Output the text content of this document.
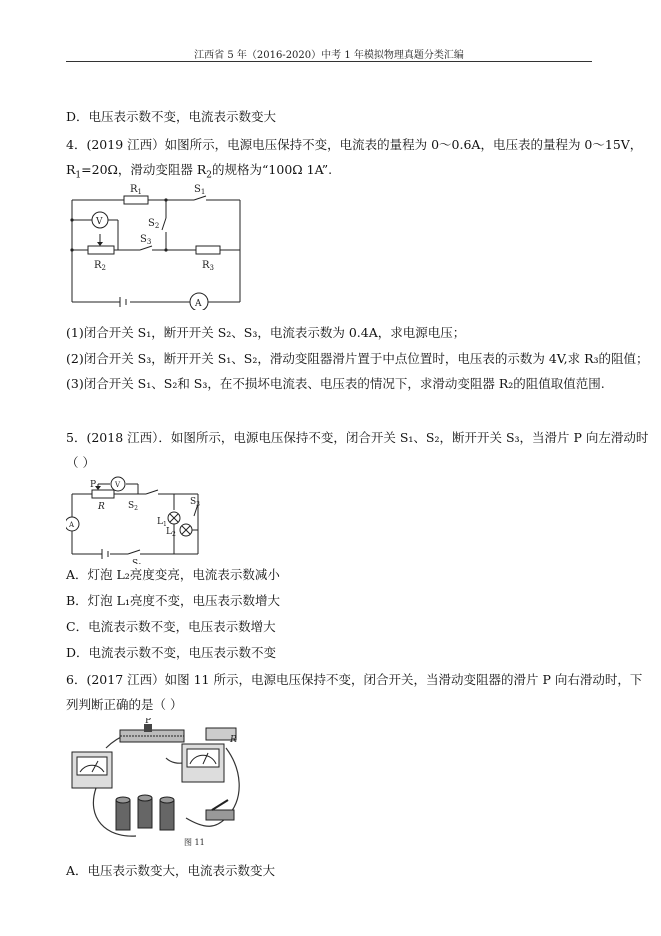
江西省 5 年（2016-2020）中考 1 年模拟物理真题分类汇编
D．电压表示数不变，电流表示数变大
4．(2019 江西）如图所示，电源电压保持不变，电流表的量程为 0～0.6A，电压表的量程为 0～15V，
$R_1=20\Omega$，滑动变阻器 $R_2$的规格为“100Ω 1A”.
$R_1$	$S_1$
$S_2$
$S_3$
V
$R_2$	$R_3$
A
(1)闭合开关 S₁，断开开关 S₂、S₃，电流表示数为 0.4A，求电源电压；
(2)闭合开关 S₃，断开开关 S₁、S₂，滑动变阻器滑片置于中点位置时，电压表的示数为 4V,求 R₃的阻值；
(3)闭合开关 S₁、S₂和 S₃，在不损坏电流表、电压表的情况下，求滑动变阻器 R₂的阻值取值范围.
5．(2018 江西）．如图所示，电源电压保持不变，闭合开关 S₁、S₂，断开开关 S₃，当滑片 P 向左滑动时
（ ）
P	V
R	$S_2$
$S_3$
$L_1$
$L_2$
A
S
A．灯泡 L₂亮度变亮，电流表示数减小
B．灯泡 L₁亮度不变，电压表示数增大
C．电流表示数不变，电压表示数增大
D．电流表示数不变，电压表示数不变
6．(2017 江西）如图 11 所示，电源电压保持不变，闭合开关，当滑动变阻器的滑片 P 向右滑动时，下
列判断正确的是（ ）
P
R
图 11
A．电压表示数变大，电流表示数变大
